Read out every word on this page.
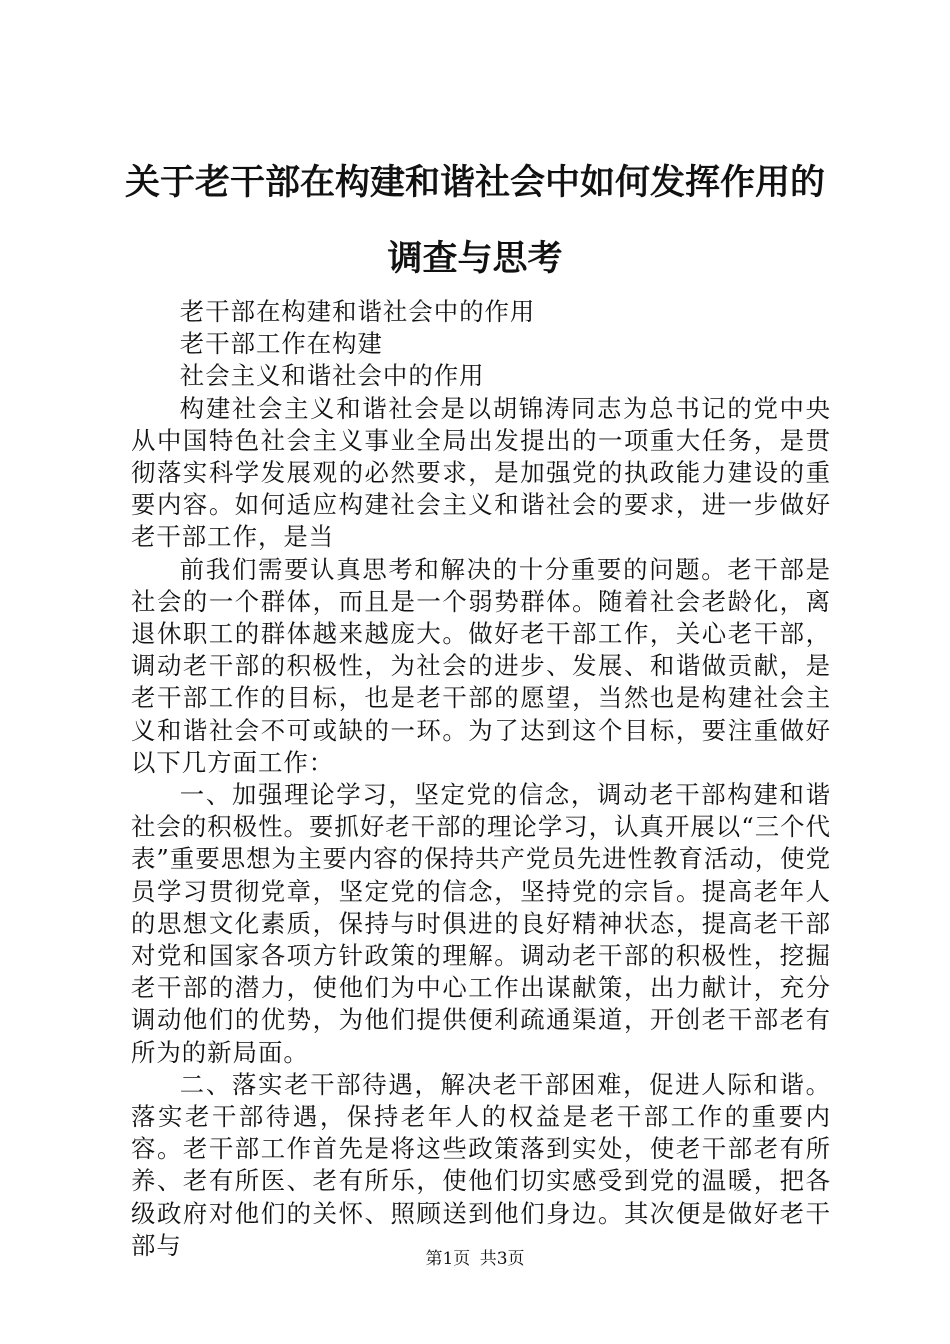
关于老干部在构建和谐社会中如何发挥作用的
调查与思考

老干部在构建和谐社会中的作用

老干部工作在构建

社会主义和谐社会中的作用

构建社会主义和谐社会是以胡锦涛同志为总书记的党中央从中国特色社会主义事业全局出发提出的一项重大任务，是贯彻落实科学发展观的必然要求，是加强党的执政能力建设的重要内容。如何适应构建社会主义和谐社会的要求，进一步做好老干部工作，是当

前我们需要认真思考和解决的十分重要的问题。老干部是社会的一个群体，而且是一个弱势群体。随着社会老龄化，离退休职工的群体越来越庞大。做好老干部工作，关心老干部，调动老干部的积极性，为社会的进步、发展、和谐做贡献，是老干部工作的目标，也是老干部的愿望，当然也是构建社会主义和谐社会不可或缺的一环。为了达到这个目标，要注重做好以下几方面工作：

一、加强理论学习，坚定党的信念，调动老干部构建和谐社会的积极性。要抓好老干部的理论学习，认真开展以“三个代表”重要思想为主要内容的保持共产党员先进性教育活动，使党员学习贯彻党章，坚定党的信念，坚持党的宗旨。提高老年人的思想文化素质，保持与时俱进的良好精神状态，提高老干部对党和国家各项方针政策的理解。调动老干部的积极性，挖掘老干部的潜力，使他们为中心工作出谋献策，出力献计，充分调动他们的优势，为他们提供便利疏通渠道，开创老干部老有所为的新局面。

二、落实老干部待遇，解决老干部困难，促进人际和谐。落实老干部待遇，保持老年人的权益是老干部工作的重要内容。老干部工作首先是将这些政策落到实处，使老干部老有所养、老有所医、老有所乐，使他们切实感受到党的温暖，把各级政府对他们的关怀、照顾送到他们身边。其次便是做好老干部与	第1页 共3页
